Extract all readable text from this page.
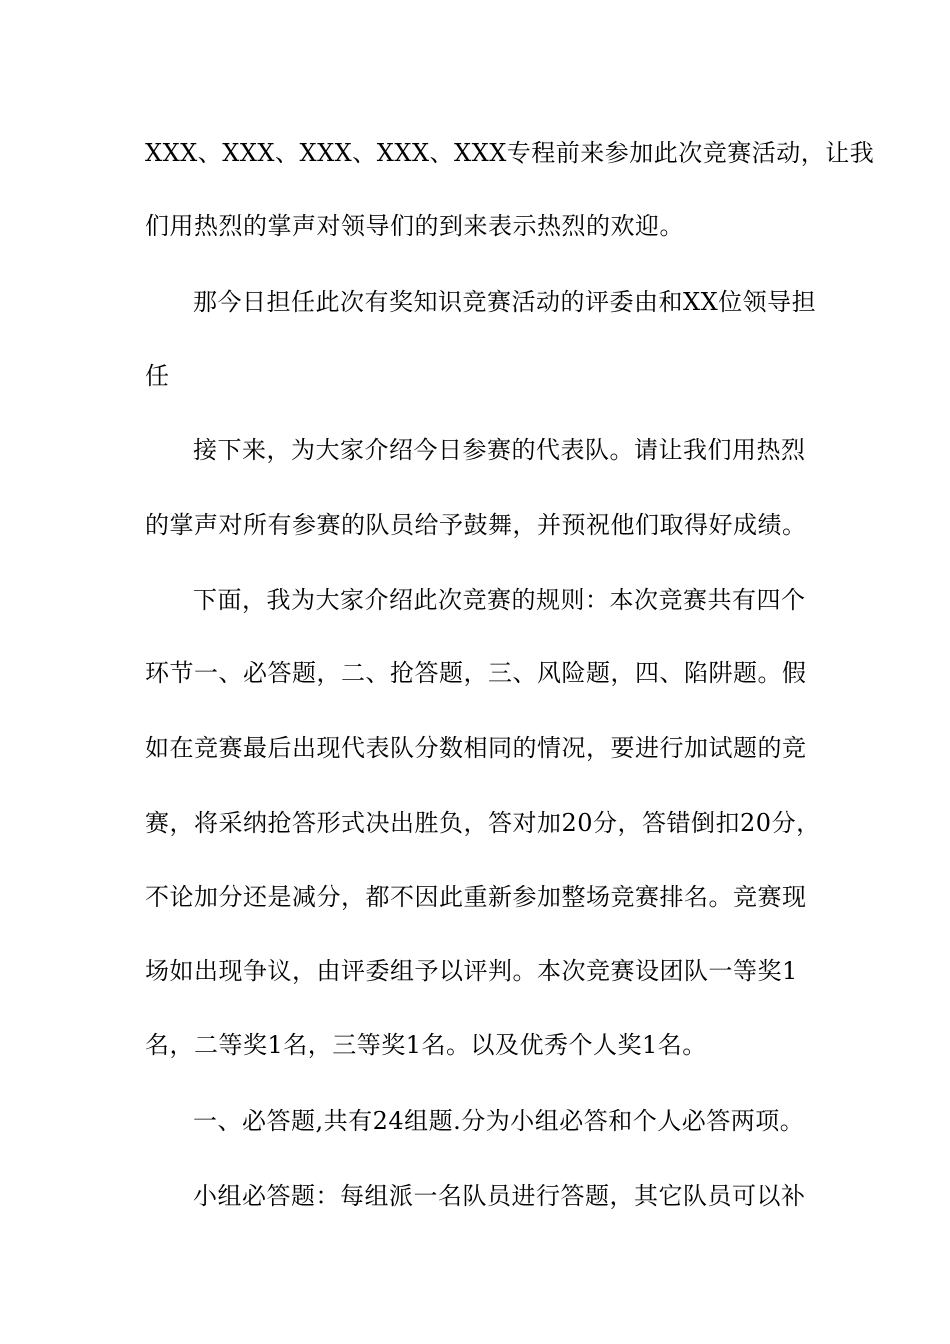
XXX、XXX、XXX、XXX、XXX专程前来参加此次竞赛活动，让我
们用热烈的掌声对领导们的到来表示热烈的欢迎。
那今日担任此次有奖知识竞赛活动的评委由和XX位领导担
任
接下来，为大家介绍今日参赛的代表队。请让我们用热烈
的掌声对所有参赛的队员给予鼓舞，并预祝他们取得好成绩。
下面，我为大家介绍此次竞赛的规则：本次竞赛共有四个
环节一、必答题，二、抢答题，三、风险题，四、陷阱题。假
如在竞赛最后出现代表队分数相同的情况，要进行加试题的竞
赛，将采纳抢答形式决出胜负，答对加20分，答错倒扣20分，
不论加分还是减分，都不因此重新参加整场竞赛排名。竞赛现
场如出现争议，由评委组予以评判。本次竞赛设团队一等奖1
名，二等奖1名，三等奖1名。以及优秀个人奖1名。
一、必答题,共有24组题.分为小组必答和个人必答两项。
小组必答题：每组派一名队员进行答题，其它队员可以补
